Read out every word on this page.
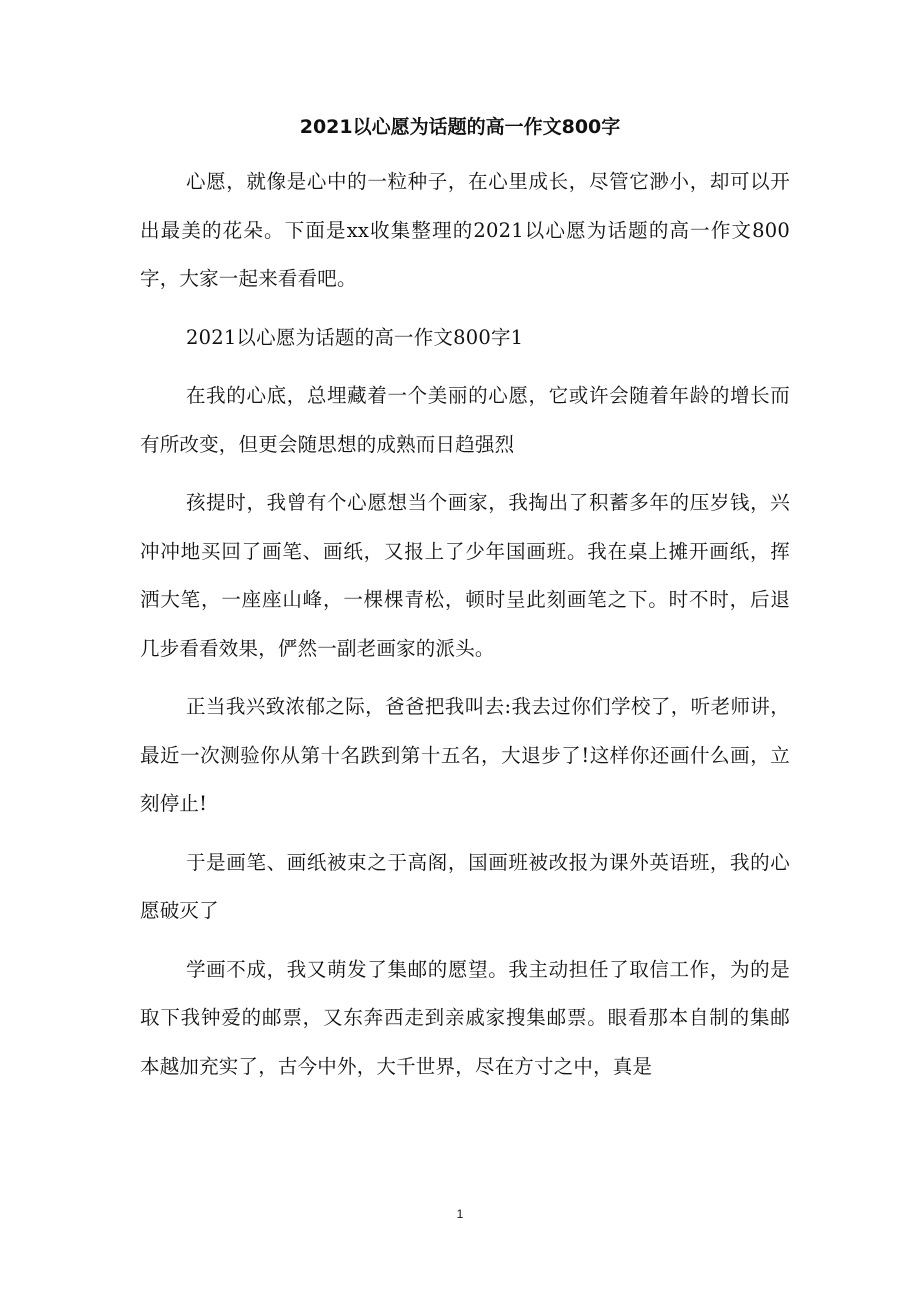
2021以心愿为话题的高一作文800字

心愿，就像是心中的一粒种子，在心里成长，尽管它渺小，却可以开出最美的花朵。下面是xx收集整理的2021以心愿为话题的高一作文800字，大家一起来看看吧。

2021以心愿为话题的高一作文800字1

在我的心底，总埋藏着一个美丽的心愿，它或许会随着年龄的增长而有所改变，但更会随思想的成熟而日趋强烈

孩提时，我曾有个心愿想当个画家，我掏出了积蓄多年的压岁钱，兴冲冲地买回了画笔、画纸，又报上了少年国画班。我在桌上摊开画纸，挥洒大笔，一座座山峰，一棵棵青松，顿时呈此刻画笔之下。时不时，后退几步看看效果，俨然一副老画家的派头。

正当我兴致浓郁之际，爸爸把我叫去:我去过你们学校了，听老师讲，最近一次测验你从第十名跌到第十五名，大退步了!这样你还画什么画，立刻停止!

于是画笔、画纸被束之于高阁，国画班被改报为课外英语班，我的心愿破灭了

学画不成，我又萌发了集邮的愿望。我主动担任了取信工作，为的是取下我钟爱的邮票，又东奔西走到亲戚家搜集邮票。眼看那本自制的集邮本越加充实了，古今中外，大千世界，尽在方寸之中，真是

1
